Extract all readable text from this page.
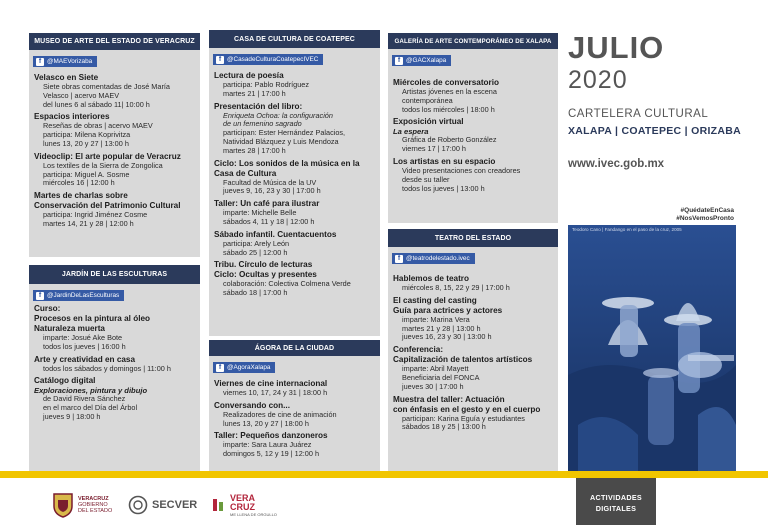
MUSEO DE ARTE DEL ESTADO DE VERACRUZ
f @MAEVorizaba
Velasco en Siete
Siete obras comentadas de José María
Velasco | acervo MAEV
del lunes 6 al sábado 11| 10:00 h
Espacios interiores
Reseñas de obras | acervo MAEV
participa: Milena Koprivitza
lunes 13, 20 y 27 | 13:00 h
Videoclip: El arte popular de Veracruz
Los textiles de la Sierra de Zongolica
participa: Miguel A. Sosme
miércoles 16 | 12:00 h
Martes de charlas sobre
Conservación del Patrimonio Cultural
participa: Ingrid Jiménez Cosme
martes 14, 21 y 28 | 12:00 h
JARDÍN DE LAS ESCULTURAS
f @JardinDeLasEsculturas
Curso:
Procesos en la pintura al óleo
Naturaleza muerta
imparte: Josué Ake Bote
todos los jueves | 16:00 h
Arte y creatividad en casa
todos los sábados y domingos | 11:00 h
Catálogo digital
Exploraciones, pintura y dibujo
de David Rivera Sánchez
en el marco del Día del Árbol
jueves 9 | 18:00 h
CASA DE CULTURA DE COATEPEC
f @CasadeCulturaCoatepecIVEC
Lectura de poesía
participa: Pablo Rodríguez
martes 21 | 17:00 h
Presentación del libro:
Enriqueta Ochoa: la configuración
de un femenino sagrado
participan: Ester Hernández Palacios,
Natividad Blázquez y Luis Mendoza
martes 28 | 17:00 h
Ciclo: Los sonidos de la música en la
Casa de Cultura
Facultad de Música de la UV
jueves 9, 16, 23 y 30 | 17:00 h
Taller: Un café para ilustrar
imparte: Michelle Belle
sábados 4, 11 y 18 | 12:00 h
Sábado infantil. Cuentacuentos
participa: Arely León
sábado 25 | 12:00 h
Tribu. Círculo de lecturas
Ciclo: Ocultas y presentes
colaboración: Colectiva Colmena Verde
sábado 18 | 17:00 h
ÁGORA DE LA CIUDAD
f @AgoraXalapa
Viernes de cine internacional
viernes 10, 17, 24 y 31 | 18:00 h
Conversando con...
Realizadores de cine de animación
lunes 13, 20 y 27 | 18:00 h
Taller: Pequeños danzoneros
imparte: Sara Laura Juárez
domingos 5, 12 y 19 | 12:00 h
GALERÍA DE ARTE CONTEMPORÁNEO DE XALAPA
f @GACXalapa
Miércoles de conversatorio
Artistas jóvenes en la escena
contemporánea
todos los miércoles | 18:00 h
Exposición virtual
La espera
Gráfica de Roberto González
viernes 17 | 17:00 h
Los artistas en su espacio
Video presentaciones con creadores
desde su taller
todos los jueves | 13:00 h
TEATRO DEL ESTADO
f @teatrodelestado.ivec
Hablemos de teatro
miércoles 8, 15, 22 y 29 | 17:00 h
El casting del casting
Guía para actrices y actores
imparte: Marina Vera
martes 21 y 28 | 13:00 h
jueves 16, 23 y 30 | 13:00 h
Conferencia:
Capitalización de talentos artísticos
imparte: Abril Mayett
Beneficiaria del FONCA
jueves 30 | 17:00 h
Muestra del taller: Actuación
con énfasis en el gesto y en el cuerpo
participan: Karina Eguía y estudiantes
sábados 18 y 25 | 13:00 h
JULIO
2020
CARTELERA CULTURAL
XALAPA | COATEPEC | ORIZABA
www.ivec.gob.mx
#QuédateEnCasa
#NosVemosPronto
Teodoro Cano | Fandango en el paso de la cruz, 2005
VERACRUZ
GOBIERNO
DEL ESTADO
SECVER
VERA
CRUZ
ME LLENA DE ORGULLO
ACTIVIDADES
DIGITALES
